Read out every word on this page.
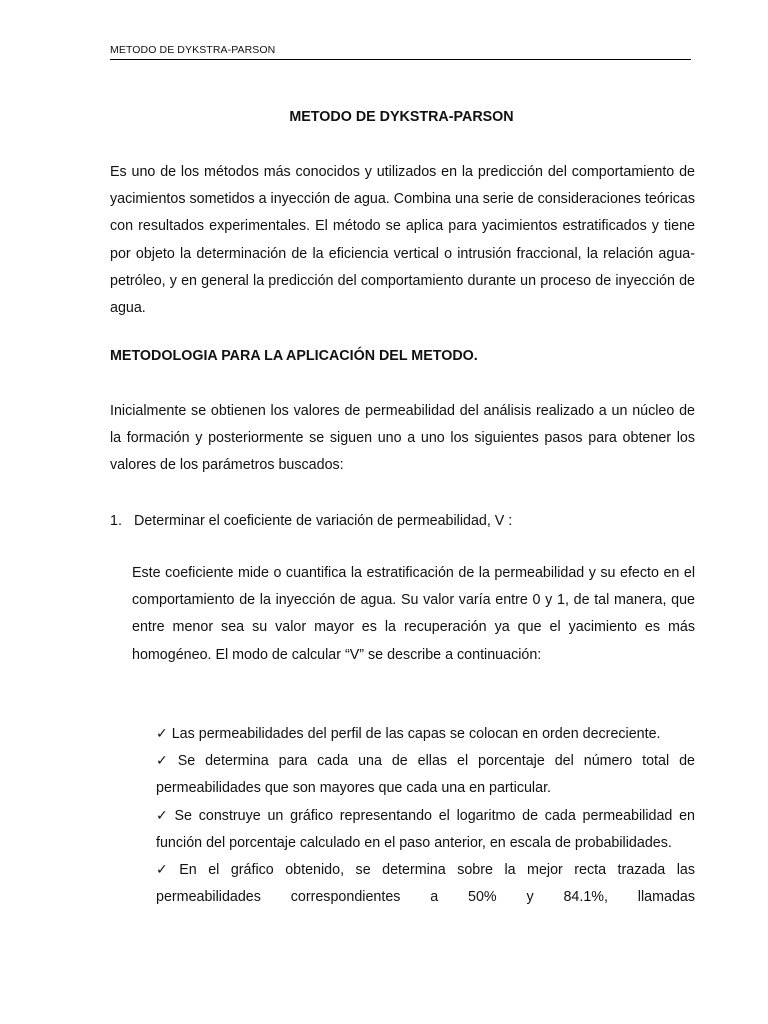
METODO DE DYKSTRA-PARSON
METODO DE DYKSTRA-PARSON

Es uno de los métodos más conocidos y utilizados en la predicción del comportamiento de yacimientos sometidos a inyección de agua. Combina una serie de consideraciones teóricas con resultados experimentales. El método se aplica para yacimientos estratificados y tiene por objeto la determinación de la eficiencia vertical o intrusión fraccional, la relación agua-petróleo, y en general la predicción del comportamiento durante un proceso de inyección de agua.

METODOLOGIA PARA LA APLICACIÓN DEL METODO.

Inicialmente se obtienen los valores de permeabilidad del análisis realizado a un núcleo de la formación y posteriormente se siguen uno a uno los siguientes pasos para obtener los valores de los parámetros buscados:

1. Determinar el coeficiente de variación de permeabilidad, V :

Este coeficiente mide o cuantifica la estratificación de la permeabilidad y su efecto en el comportamiento de la inyección de agua. Su valor varía entre 0 y 1, de tal manera, que entre menor sea su valor mayor es la recuperación ya que el yacimiento es más homogéneo. El modo de calcular “V” se describe a continuación:

✓ Las permeabilidades del perfil de las capas se colocan en orden decreciente.
✓ Se determina para cada una de ellas el porcentaje del número total de permeabilidades que son mayores que cada una en particular.
✓ Se construye un gráfico representando el logaritmo de cada permeabilidad en función del porcentaje calculado en el paso anterior, en escala de probabilidades.
✓ En el gráfico obtenido, se determina sobre la mejor recta trazada las permeabilidades correspondientes a 50% y 84.1%, llamadas
